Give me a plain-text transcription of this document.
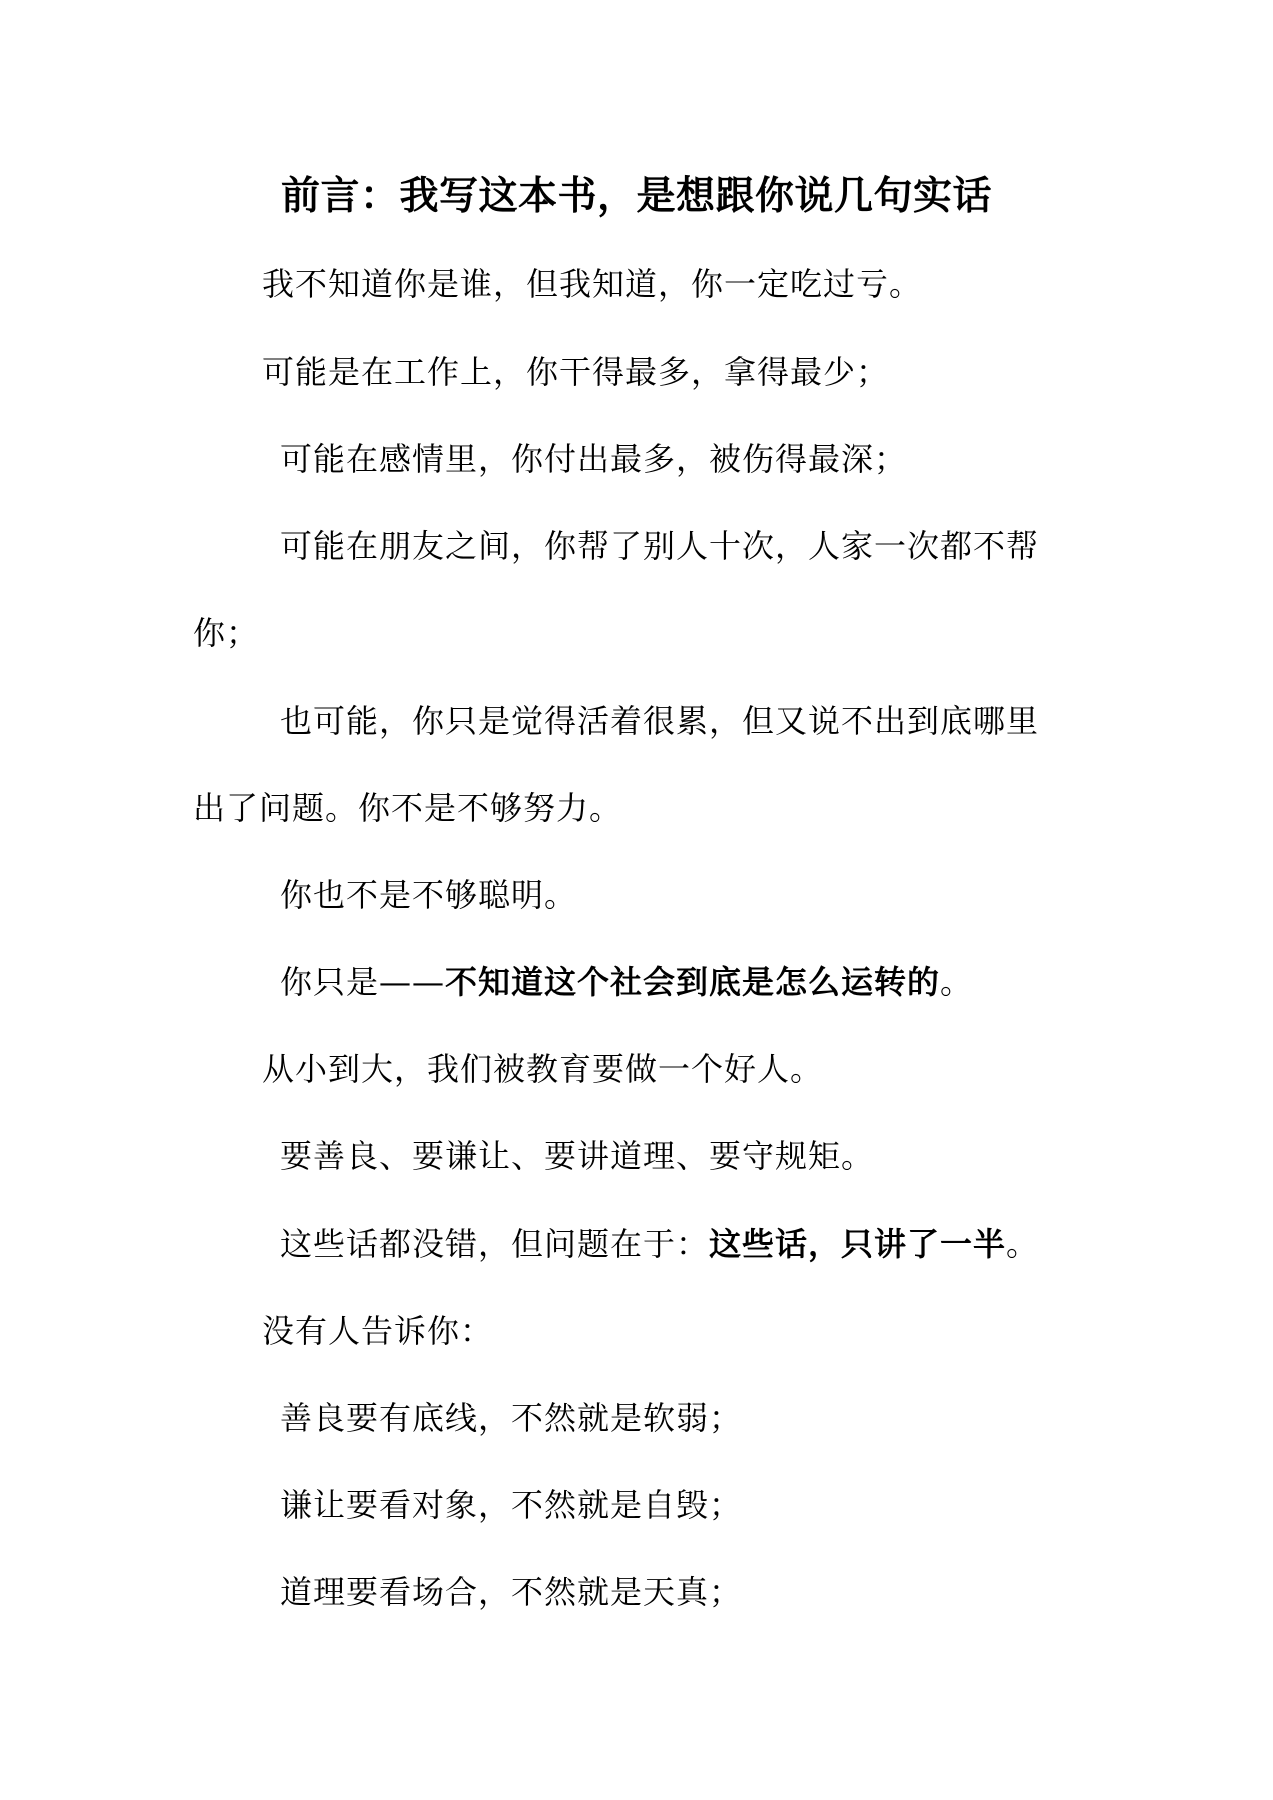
前言：我写这本书，是想跟你说几句实话
我不知道你是谁，但我知道，你一定吃过亏。
可能是在工作上，你干得最多，拿得最少；
可能在感情里，你付出最多，被伤得最深；
可能在朋友之间，你帮了别人十次，人家一次都不帮
你；
也可能，你只是觉得活着很累，但又说不出到底哪里
出了问题。你不是不够努力。
你也不是不够聪明。
你只是——不知道这个社会到底是怎么运转的。
从小到大，我们被教育要做一个好人。
要善良、要谦让、要讲道理、要守规矩。
这些话都没错，但问题在于：这些话，只讲了一半。
没有人告诉你：
善良要有底线，不然就是软弱；
谦让要看对象，不然就是自毁；
道理要看场合，不然就是天真；
